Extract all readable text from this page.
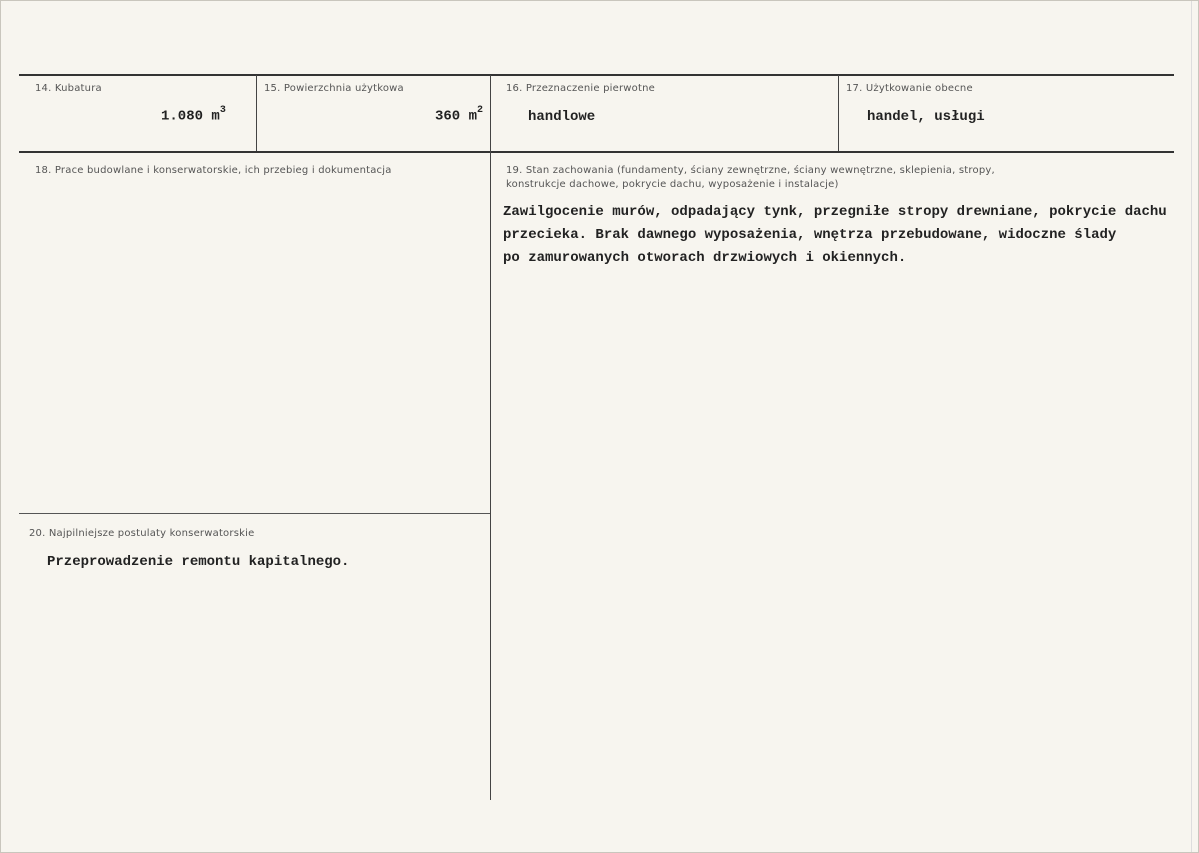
14. Kubatura
1.080 $m^3$
15. Powierzchnia użytkowa
360 $m^2$
16. Przeznaczenie pierwotne
handlowe
17. Użytkowanie obecne
handel, usługi
18. Prace budowlane i konserwatorskie, ich przebieg i dokumentacja	19. Stan zachowania (fundamenty, ściany zewnętrzne, ściany wewnętrzne, sklepienia, stropy,
konstrukcje dachowe, pokrycie dachu, wyposażenie i instalacje)
Zawilgocenie murów, odpadający tynk, przegniłe stropy drewniane, pokrycie dachu
przecieka. Brak dawnego wyposażenia, wnętrza przebudowane, widoczne ślady
po zamurowanych otworach drzwiowych i okiennych.
20. Najpilniejsze postulaty konserwatorskie
Przeprowadzenie remontu kapitalnego.
